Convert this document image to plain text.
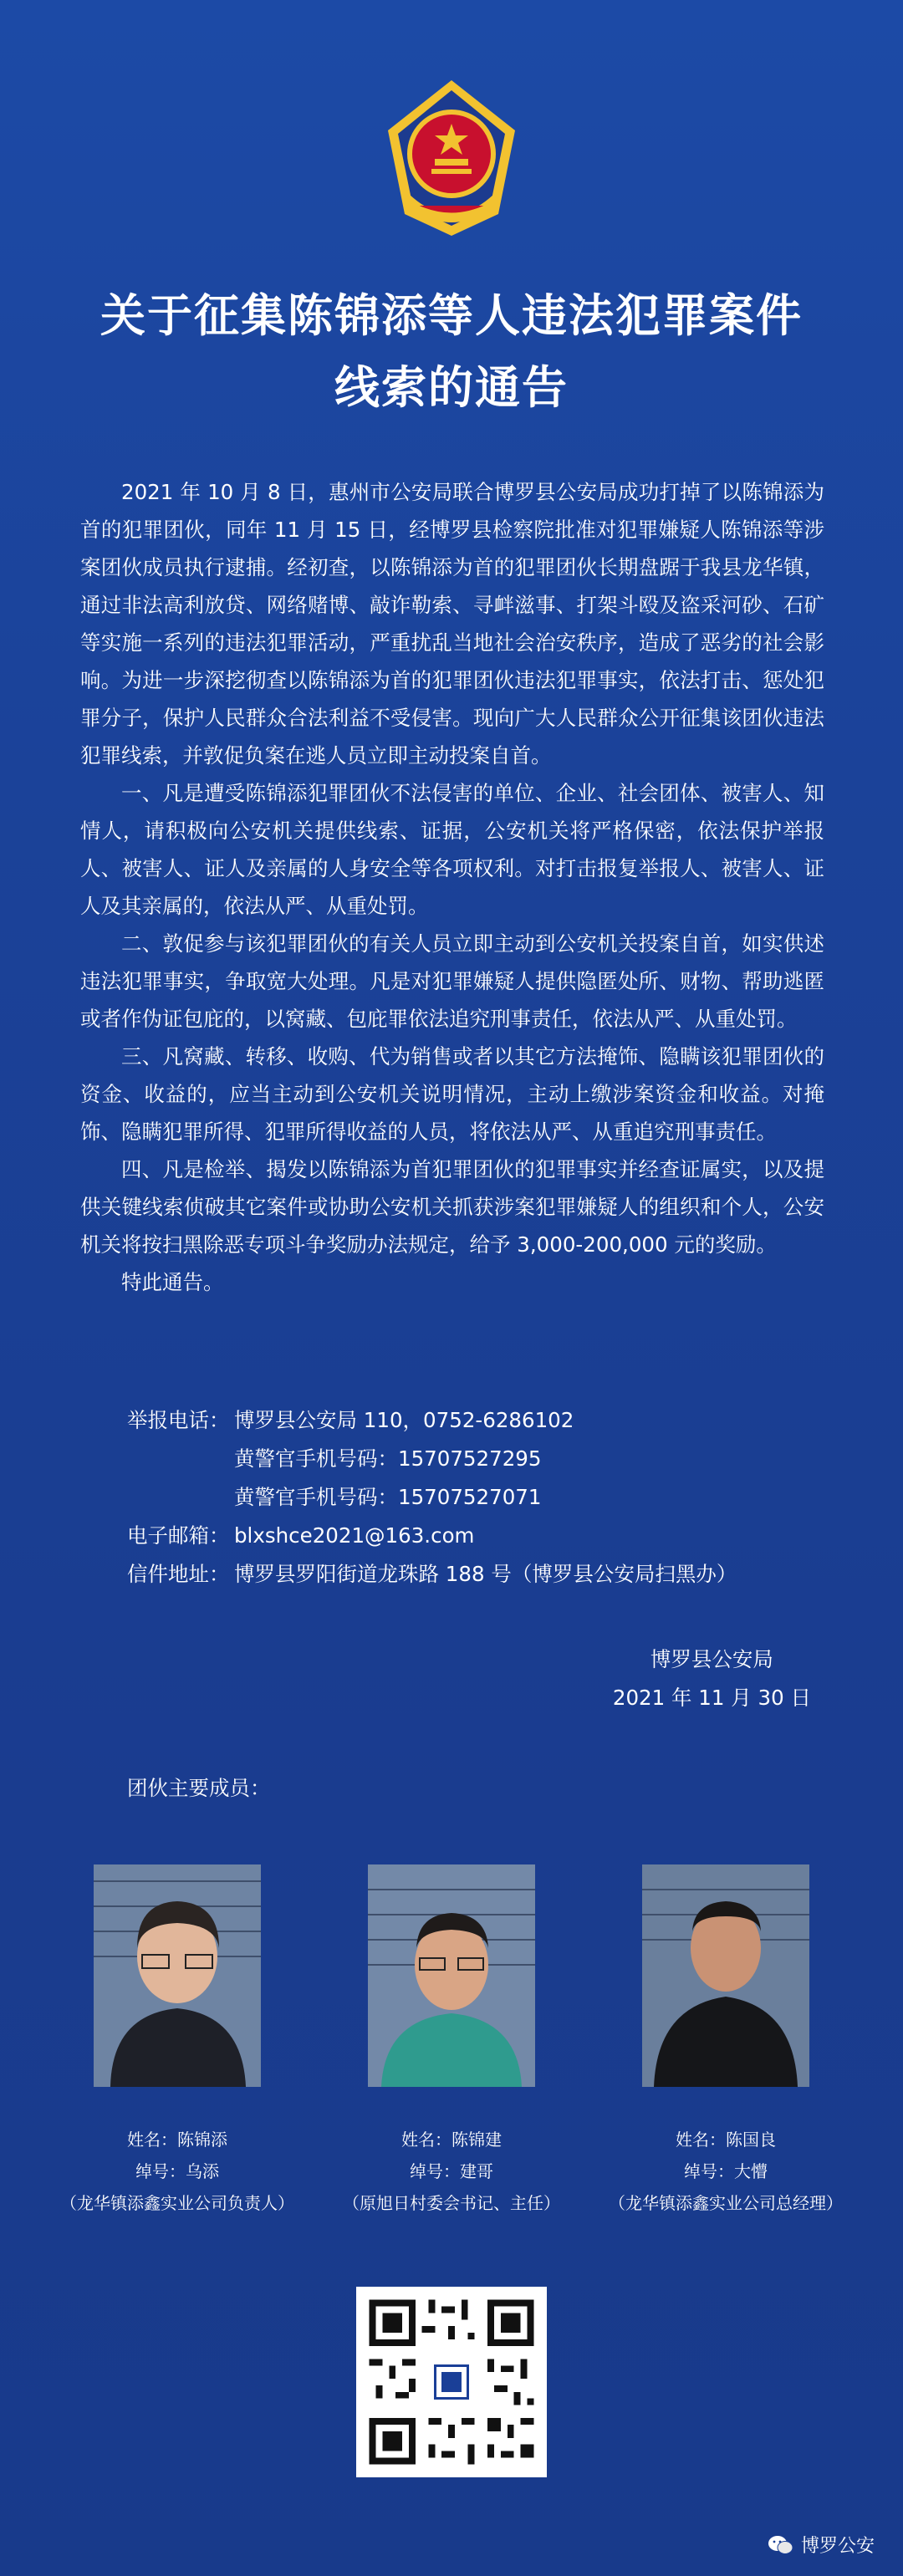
关于征集陈锦添等人违法犯罪案件
线索的通告

2021 年 10 月 8 日，惠州市公安局联合博罗县公安局成功打掉了以陈锦添为首的犯罪团伙，同年 11 月 15 日，经博罗县检察院批准对犯罪嫌疑人陈锦添等涉案团伙成员执行逮捕。经初查，以陈锦添为首的犯罪团伙长期盘踞于我县龙华镇，通过非法高利放贷、网络赌博、敲诈勒索、寻衅滋事、打架斗殴及盗采河砂、石矿等实施一系列的违法犯罪活动，严重扰乱当地社会治安秩序，造成了恶劣的社会影响。为进一步深挖彻查以陈锦添为首的犯罪团伙违法犯罪事实，依法打击、惩处犯罪分子，保护人民群众合法利益不受侵害。现向广大人民群众公开征集该团伙违法犯罪线索，并敦促负案在逃人员立即主动投案自首。

一、凡是遭受陈锦添犯罪团伙不法侵害的单位、企业、社会团体、被害人、知情人，请积极向公安机关提供线索、证据，公安机关将严格保密，依法保护举报人、被害人、证人及亲属的人身安全等各项权利。对打击报复举报人、被害人、证人及其亲属的，依法从严、从重处罚。

二、敦促参与该犯罪团伙的有关人员立即主动到公安机关投案自首，如实供述违法犯罪事实，争取宽大处理。凡是对犯罪嫌疑人提供隐匿处所、财物、帮助逃匿或者作伪证包庇的，以窝藏、包庇罪依法追究刑事责任，依法从严、从重处罚。

三、凡窝藏、转移、收购、代为销售或者以其它方法掩饰、隐瞒该犯罪团伙的资金、收益的，应当主动到公安机关说明情况，主动上缴涉案资金和收益。对掩饰、隐瞒犯罪所得、犯罪所得收益的人员，将依法从严、从重追究刑事责任。

四、凡是检举、揭发以陈锦添为首犯罪团伙的犯罪事实并经查证属实，以及提供关键线索侦破其它案件或协助公安机关抓获涉案犯罪嫌疑人的组织和个人，公安机关将按扫黑除恶专项斗争奖励办法规定，给予 3,000-200,000 元的奖励。

特此通告。

举报电话： 博罗县公安局 110，0752-6286102
黄警官手机号码：15707527295
黄警官手机号码：15707527071
电子邮箱： blxshce2021@163.com
信件地址： 博罗县罗阳街道龙珠路 188 号（博罗县公安局扫黑办）
博罗县公安局
2021 年 11 月 30 日
团伙主要成员：
姓名：陈锦添
绰号：乌添
（龙华镇添鑫实业公司负责人）
姓名：陈锦建
绰号：建哥
（原旭日村委会书记、主任）
姓名：陈国良
绰号：大懵
（龙华镇添鑫实业公司总经理）
博罗公安
